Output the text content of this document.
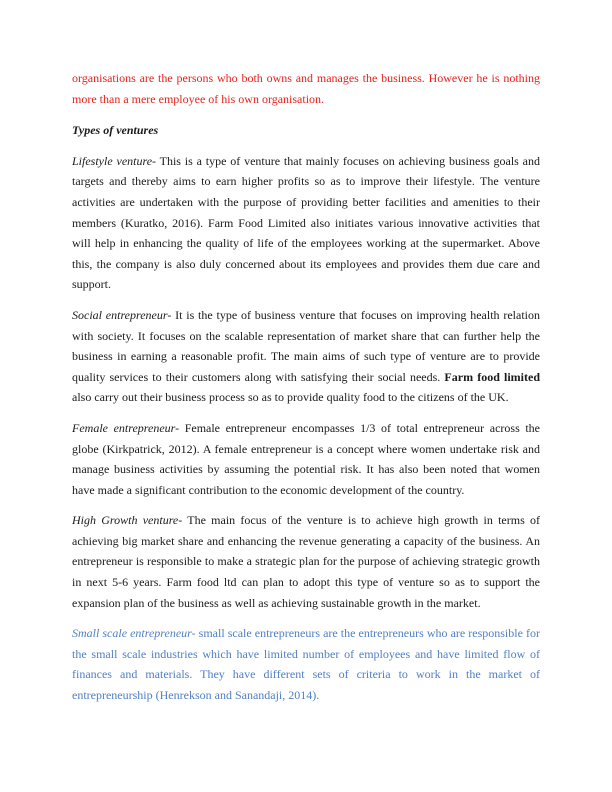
organisations are the persons who both owns and manages the business. However he is nothing more than a mere employee of his own organisation.

Types of ventures

Lifestyle venture- This is a type of venture that mainly focuses on achieving business goals and targets and thereby aims to earn higher profits so as to improve their lifestyle. The venture activities are undertaken with the purpose of providing better facilities and amenities to their members (Kuratko, 2016). Farm Food Limited also initiates various innovative activities that will help in enhancing the quality of life of the employees working at the supermarket. Above this, the company is also duly concerned about its employees and provides them due care and support.

Social entrepreneur- It is the type of business venture that focuses on improving health relation with society. It focuses on the scalable representation of market share that can further help the business in earning a reasonable profit. The main aims of such type of venture are to provide quality services to their customers along with satisfying their social needs. Farm food limited also carry out their business process so as to provide quality food to the citizens of the UK.

Female entrepreneur- Female entrepreneur encompasses 1/3 of total entrepreneur across the globe (Kirkpatrick, 2012). A female entrepreneur is a concept where women undertake risk and manage business activities by assuming the potential risk. It has also been noted that women have made a significant contribution to the economic development of the country.

High Growth venture- The main focus of the venture is to achieve high growth in terms of achieving big market share and enhancing the revenue generating a capacity of the business. An entrepreneur is responsible to make a strategic plan for the purpose of achieving strategic growth in next 5-6 years. Farm food ltd can plan to adopt this type of venture so as to support the expansion plan of the business as well as achieving sustainable growth in the market.

Small scale entrepreneur- small scale entrepreneurs are the entrepreneurs who are responsible for the small scale industries which have limited number of employees and have limited flow of finances and materials. They have different sets of criteria to work in the market of entrepreneurship (Henrekson and Sanandaji, 2014).
